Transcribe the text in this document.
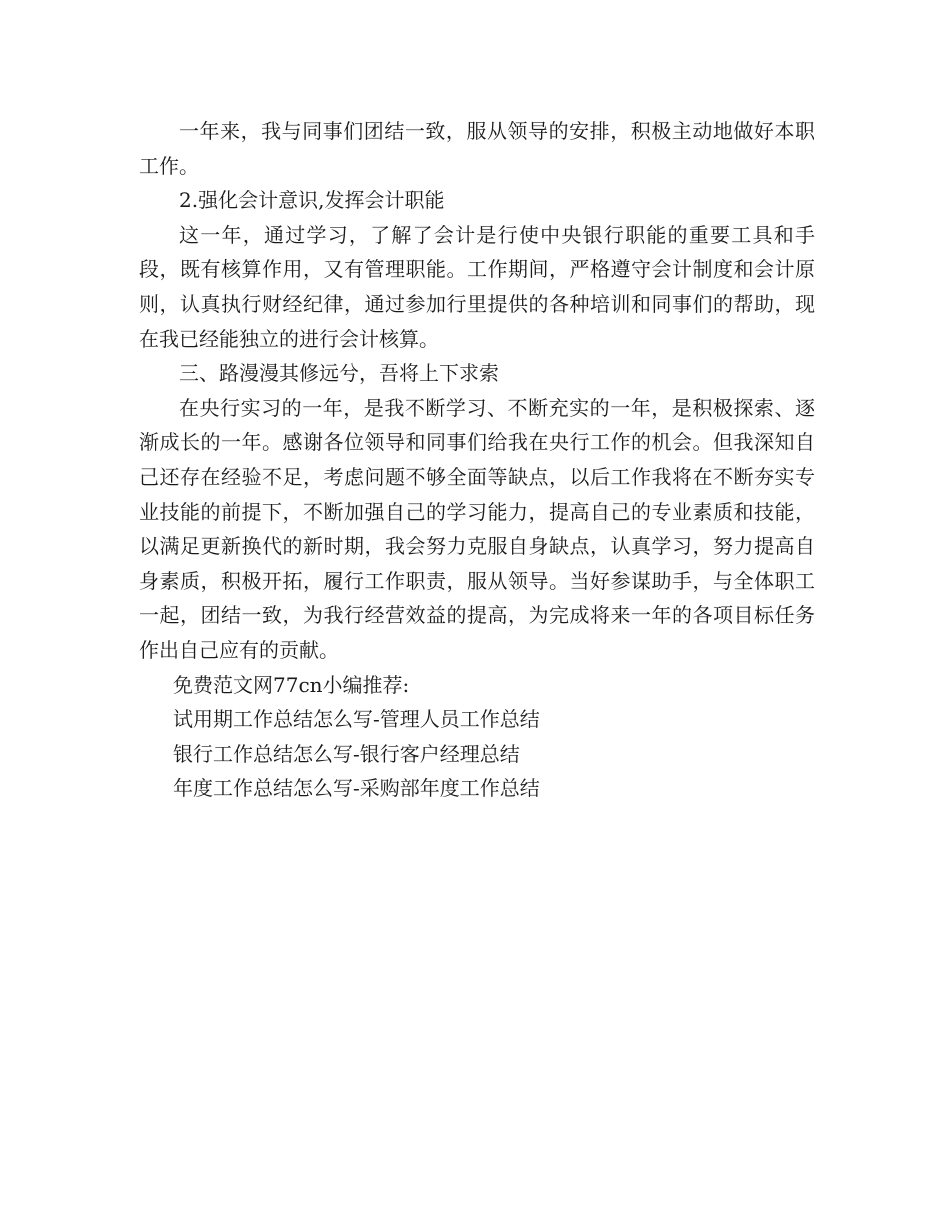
一年来，我与同事们团结一致，服从领导的安排，积极主动地做好本职工作。

2.强化会计意识,发挥会计职能

这一年，通过学习，了解了会计是行使中央银行职能的重要工具和手段，既有核算作用，又有管理职能。工作期间，严格遵守会计制度和会计原则，认真执行财经纪律，通过参加行里提供的各种培训和同事们的帮助，现在我已经能独立的进行会计核算。

三、路漫漫其修远兮，吾将上下求索

在央行实习的一年，是我不断学习、不断充实的一年，是积极探索、逐渐成长的一年。感谢各位领导和同事们给我在央行工作的机会。但我深知自己还存在经验不足，考虑问题不够全面等缺点，以后工作我将在不断夯实专业技能的前提下，不断加强自己的学习能力，提高自己的专业素质和技能，以满足更新换代的新时期，我会努力克服自身缺点，认真学习，努力提高自身素质，积极开拓，履行工作职责，服从领导。当好参谋助手，与全体职工一起，团结一致，为我行经营效益的提高，为完成将来一年的各项目标任务作出自己应有的贡献。

免费范文网77cn小编推荐:

试用期工作总结怎么写-管理人员工作总结

银行工作总结怎么写-银行客户经理总结

年度工作总结怎么写-采购部年度工作总结
